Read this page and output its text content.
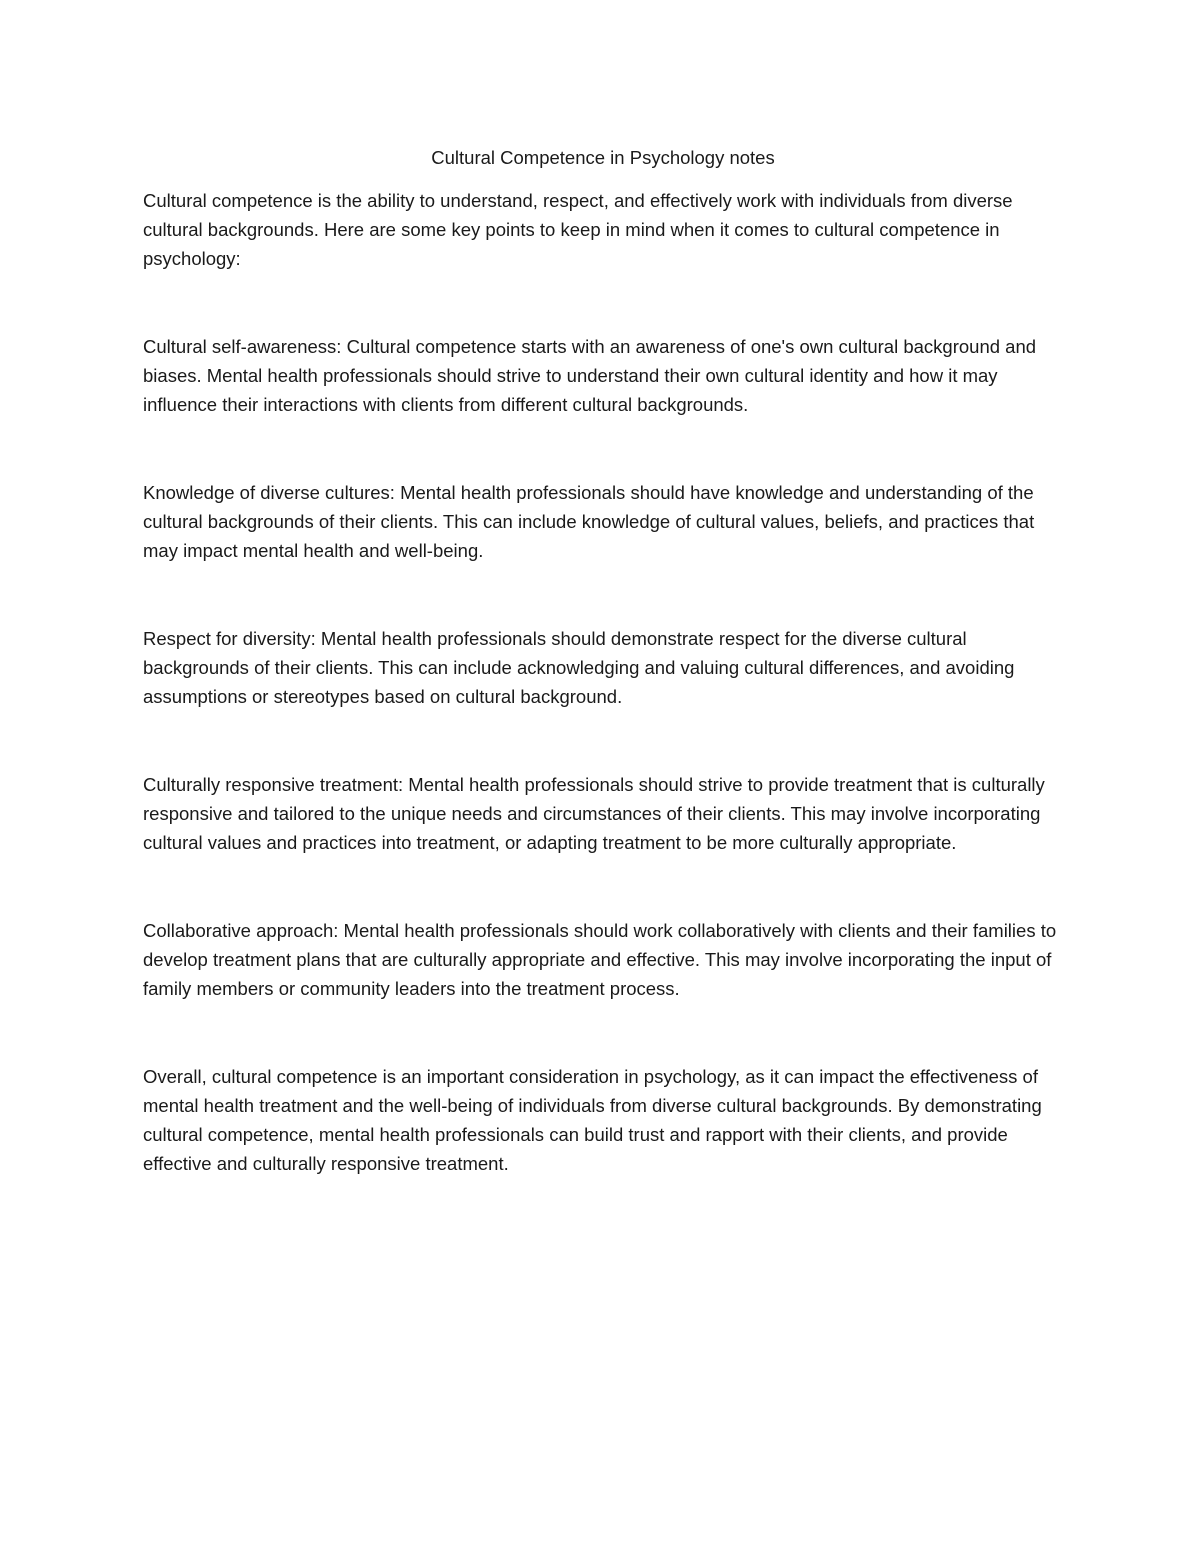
Cultural Competence in Psychology notes

Cultural competence is the ability to understand, respect, and effectively work with individuals from diverse cultural backgrounds. Here are some key points to keep in mind when it comes to cultural competence in psychology:

Cultural self-awareness: Cultural competence starts with an awareness of one's own cultural background and biases. Mental health professionals should strive to understand their own cultural identity and how it may influence their interactions with clients from different cultural backgrounds.

Knowledge of diverse cultures: Mental health professionals should have knowledge and understanding of the cultural backgrounds of their clients. This can include knowledge of cultural values, beliefs, and practices that may impact mental health and well-being.

Respect for diversity: Mental health professionals should demonstrate respect for the diverse cultural backgrounds of their clients. This can include acknowledging and valuing cultural differences, and avoiding assumptions or stereotypes based on cultural background.

Culturally responsive treatment: Mental health professionals should strive to provide treatment that is culturally responsive and tailored to the unique needs and circumstances of their clients. This may involve incorporating cultural values and practices into treatment, or adapting treatment to be more culturally appropriate.

Collaborative approach: Mental health professionals should work collaboratively with clients and their families to develop treatment plans that are culturally appropriate and effective. This may involve incorporating the input of family members or community leaders into the treatment process.

Overall, cultural competence is an important consideration in psychology, as it can impact the effectiveness of mental health treatment and the well-being of individuals from diverse cultural backgrounds. By demonstrating cultural competence, mental health professionals can build trust and rapport with their clients, and provide effective and culturally responsive treatment.
